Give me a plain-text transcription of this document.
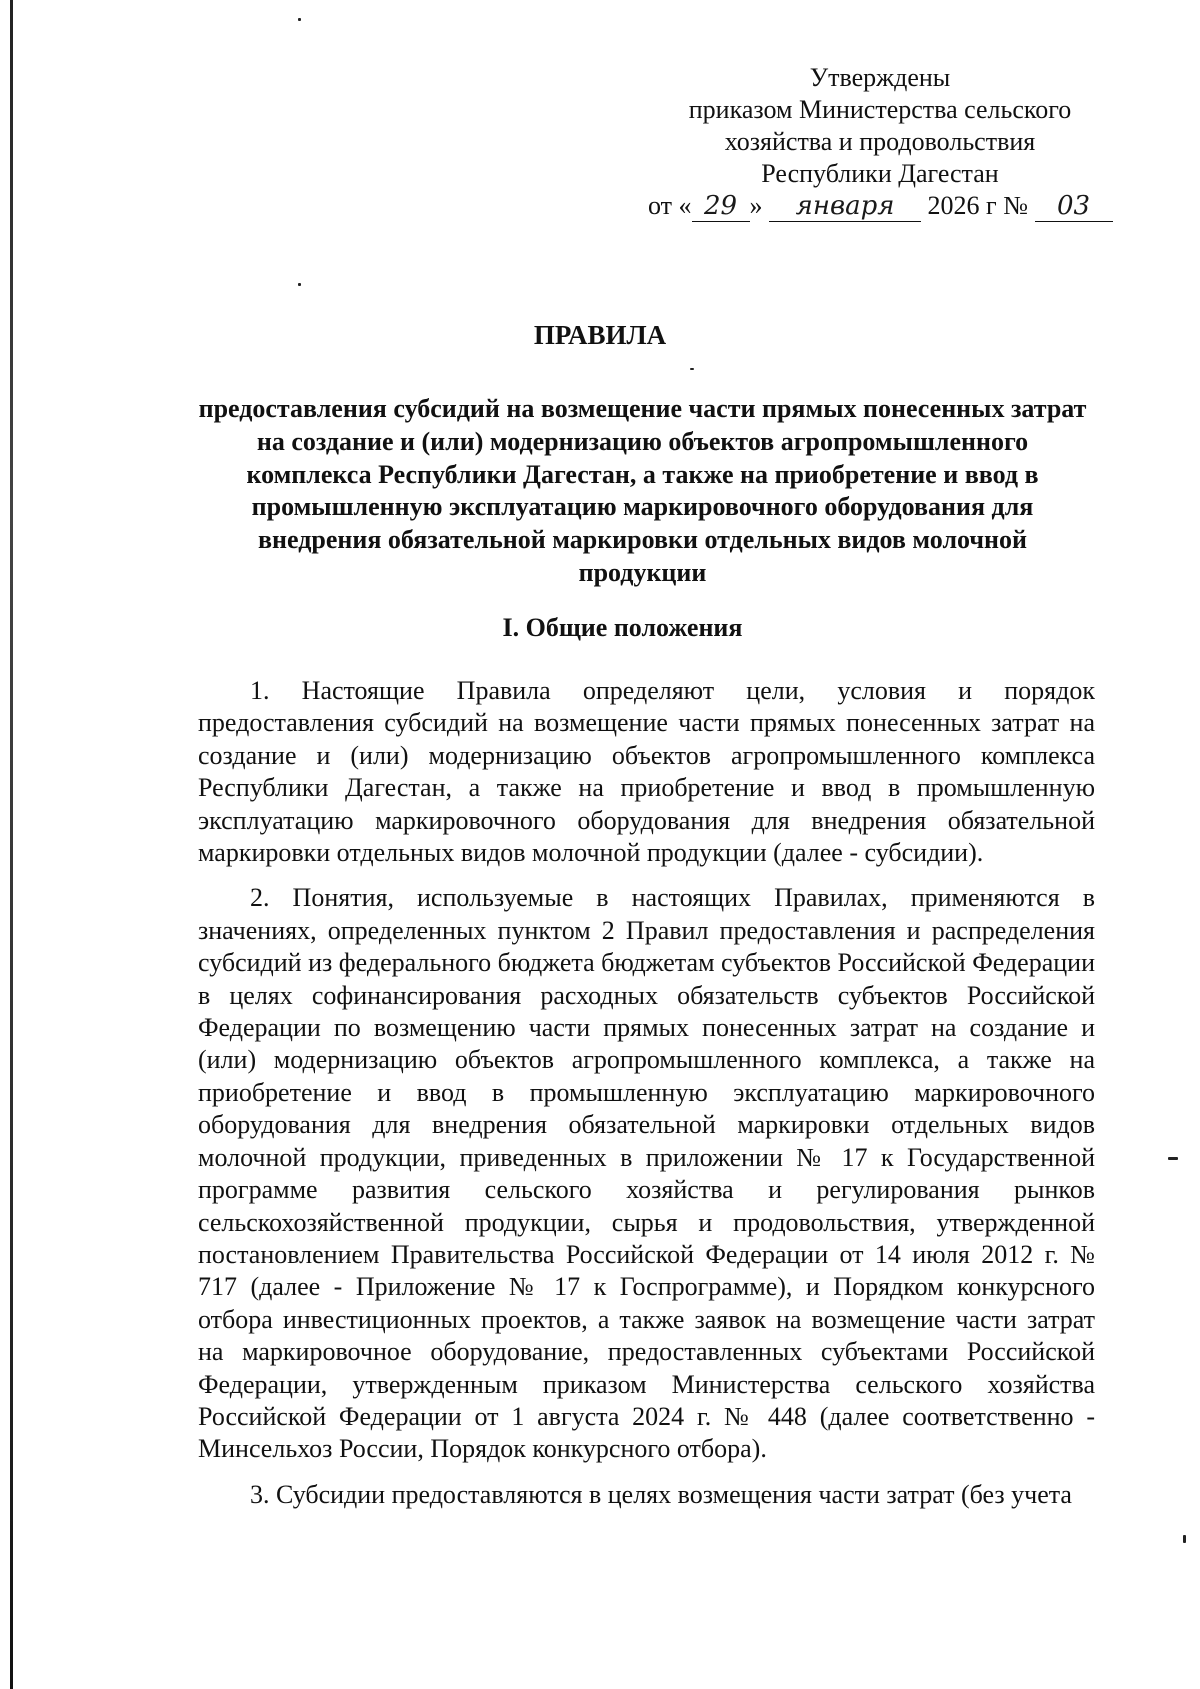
Утверждены
приказом Министерства сельского
хозяйства и продовольствия
Республики Дагестан
от « 29 » января 2026 г № 03
ПРАВИЛА
предоставления субсидий на возмещение части прямых понесенных затрат на создание и (или) модернизацию объектов агропромышленного комплекса Республики Дагестан, а также на приобретение и ввод в промышленную эксплуатацию маркировочного оборудования для внедрения обязательной маркировки отдельных видов молочной продукции
I. Общие положения

1. Настоящие Правила определяют цели, условия и порядок предоставления субсидий на возмещение части прямых понесенных затрат на создание и (или) модернизацию объектов агропромышленного комплекса Республики Дагестан, а также на приобретение и ввод в промышленную эксплуатацию маркировочного оборудования для внедрения обязательной маркировки отдельных видов молочной продукции (далее - субсидии).

2. Понятия, используемые в настоящих Правилах, применяются в значениях, определенных пунктом 2 Правил предоставления и распределения субсидий из федерального бюджета бюджетам субъектов Российской Федерации в целях софинансирования расходных обязательств субъектов Российской Федерации по возмещению части прямых понесенных затрат на создание и (или) модернизацию объектов агропромышленного комплекса, а также на приобретение и ввод в промышленную эксплуатацию маркировочного оборудования для внедрения обязательной маркировки отдельных видов молочной продукции, приведенных в приложении № 17 к Государственной программе развития сельского хозяйства и регулирования рынков сельскохозяйственной продукции, сырья и продовольствия, утвержденной постановлением Правительства Российской Федерации от 14 июля 2012 г. № 717 (далее - Приложение № 17 к Госпрограмме), и Порядком конкурсного отбора инвестиционных проектов, а также заявок на возмещение части затрат на маркировочное оборудование, предоставленных субъектами Российской Федерации, утвержденным приказом Министерства сельского хозяйства Российской Федерации от 1 августа 2024 г. № 448 (далее соответственно - Минсельхоз России, Порядок конкурсного отбора).

3. Субсидии предоставляются в целях возмещения части затрат (без учета
